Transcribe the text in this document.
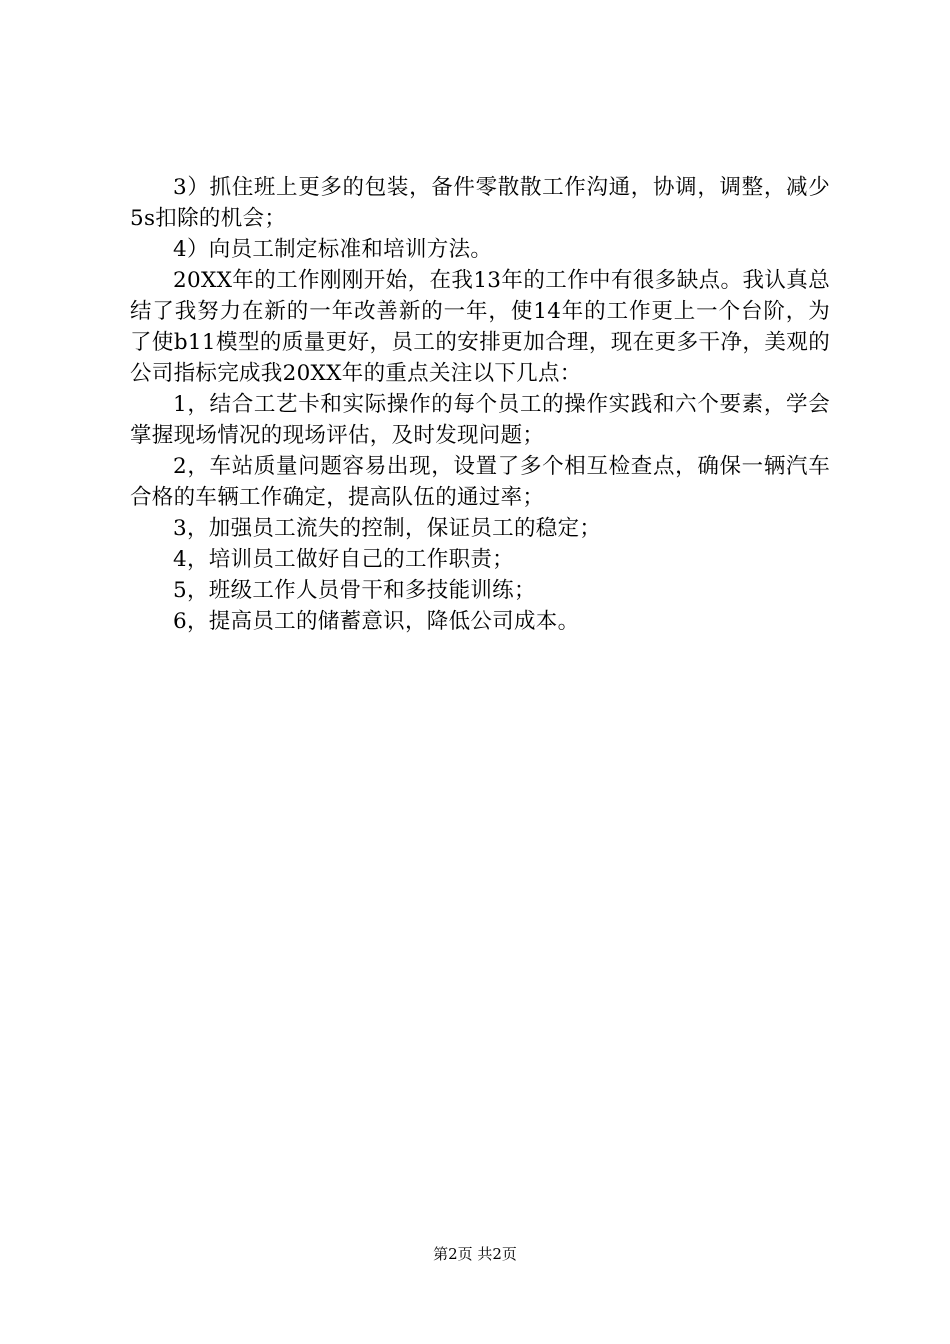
3）抓住班上更多的包装，备件零散散工作沟通，协调，调整，减少5s扣除的机会；

4）向员工制定标准和培训方法。

20XX年的工作刚刚开始，在我13年的工作中有很多缺点。我认真总结了我努力在新的一年改善新的一年，使14年的工作更上一个台阶，为了使b11模型的质量更好，员工的安排更加合理，现在更多干净，美观的公司指标完成我20XX年的重点关注以下几点：

1，结合工艺卡和实际操作的每个员工的操作实践和六个要素，学会掌握现场情况的现场评估，及时发现问题；

2，车站质量问题容易出现，设置了多个相互检查点，确保一辆汽车合格的车辆工作确定，提高队伍的通过率；

3，加强员工流失的控制，保证员工的稳定；

4，培训员工做好自己的工作职责；

5，班级工作人员骨干和多技能训练；

6，提高员工的储蓄意识，降低公司成本。

第2页 共2页
